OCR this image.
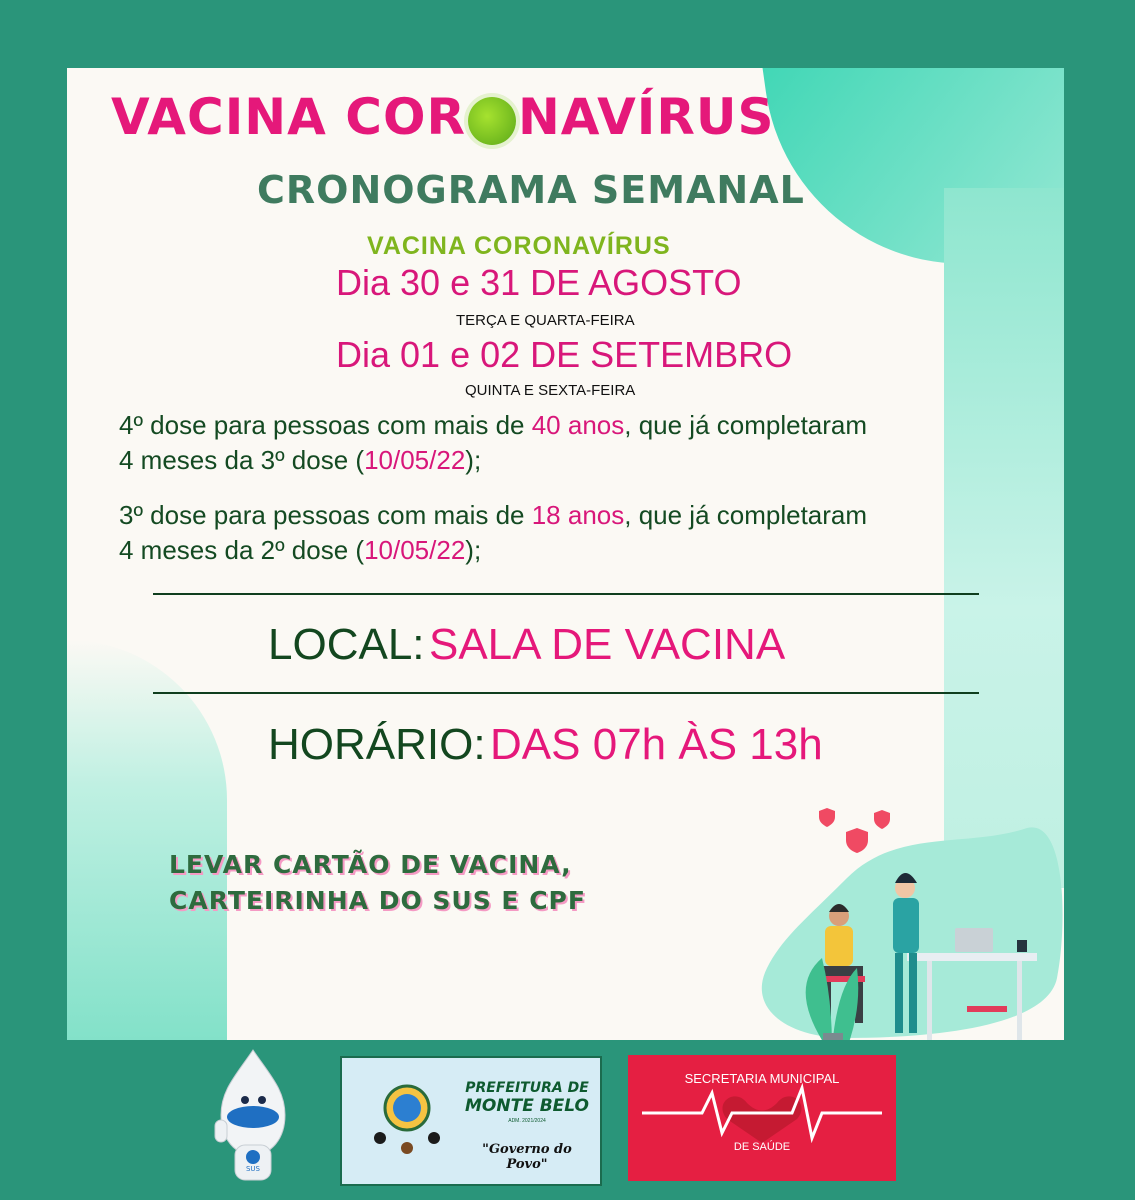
VACINA COR NAVÍRUS
CRONOGRAMA SEMANAL
VACINA CORONAVÍRUS
Dia 30 e 31 DE AGOSTO
TERÇA E QUARTA-FEIRA
Dia 01 e 02 DE SETEMBRO
QUINTA E SEXTA-FEIRA
4º dose para pessoas com mais de 40 anos, que já completaram
4 meses da 3º dose (10/05/22);
3º dose para pessoas com mais de 18 anos, que já completaram
4 meses da 2º dose (10/05/22);
LOCAL: SALA DE VACINA
HORÁRIO: DAS 07h ÀS 13h
LEVAR CARTÃO DE VACINA,
CARTEIRINHA DO SUS E CPF
SUS
PREFEITURA DE
MONTE BELO
ADM. 2021/2024
"Governo do Povo"
SECRETARIA MUNICIPAL
DE SAÚDE
